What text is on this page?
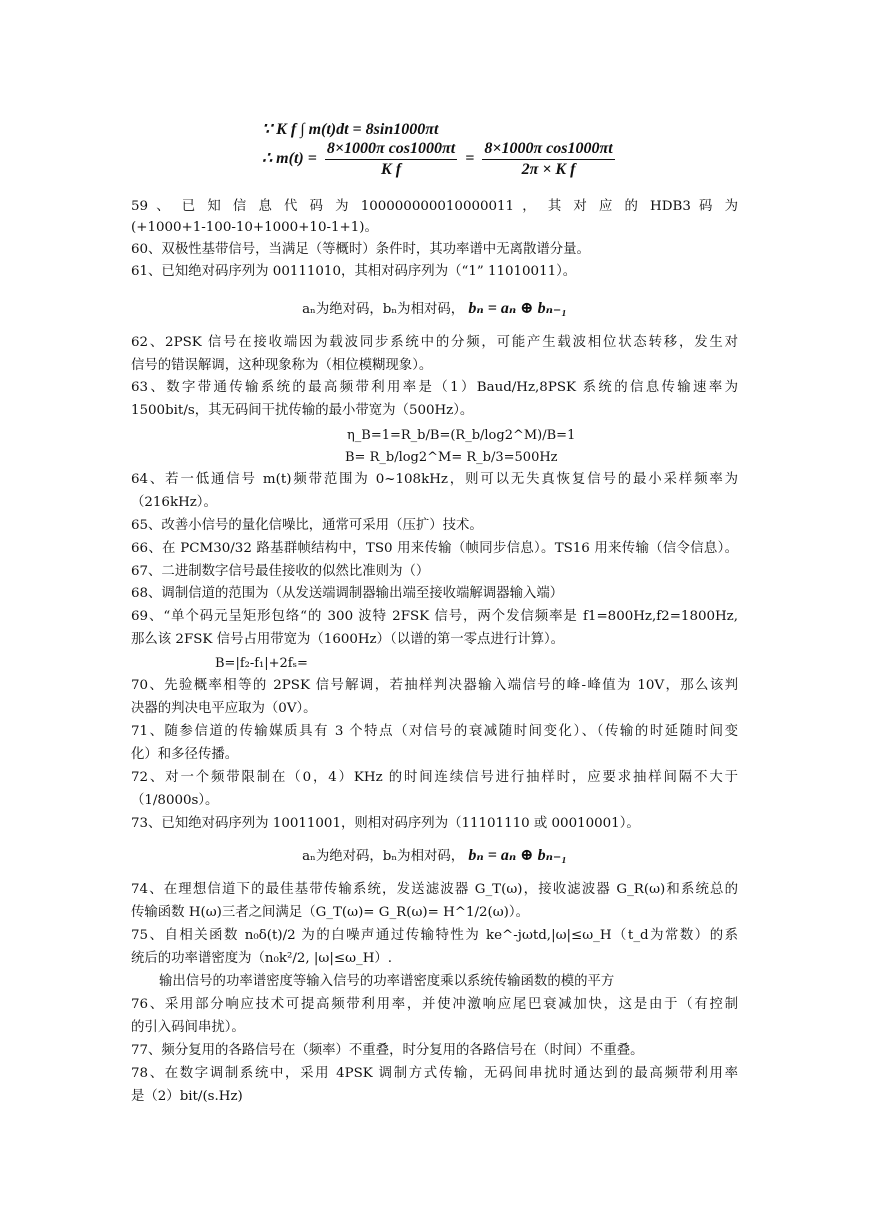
∵ K f ∫ m(t)dt = 8sin1000πt
∴ $m(t) = \frac{\text{8×1000π cos1000πt}}{\text{K f}} = \frac{\text{8×1000π cos1000πt}}{\text{2π × K f}}$
59 、 已 知 信 息 代 码 为 100000000010000011 ， 其 对 应 的 HDB3 码 为
(+1000+1-100-10+1000+10-1+1)。
60、双极性基带信号，当满足（等概时）条件时，其功率谱中无离散谱分量。
61、已知绝对码序列为 00111010，其相对码序列为（“1” 11010011）。
aₙ为绝对码，bₙ为相对码， bₙ = aₙ ⊕ bₙ₋₁
62、2PSK 信号在接收端因为载波同步系统中的分频，可能产生载波相位状态转移，发生对
信号的错误解调，这种现象称为（相位模糊现象）。
63、数字带通传输系统的最高频带利用率是（1）Baud/Hz,8PSK 系统的信息传输速率为
1500bit/s，其无码间干扰传输的最小带宽为（500Hz）。
η_B=1=R_b/B=(R_b/log2^M)/B=1
B= R_b/log2^M= R_b/3=500Hz
64、若一低通信号 m(t)频带范围为 0~108kHz，则可以无失真恢复信号的最小采样频率为
（216kHz）。
65、改善小信号的量化信噪比，通常可采用（压扩）技术。
66、在 PCM30/32 路基群帧结构中，TS0 用来传输（帧同步信息）。TS16 用来传输（信令信息）。
67、二进制数字信号最佳接收的似然比准则为（）
68、调制信道的范围为（从发送端调制器输出端至接收端解调器输入端）
69、“单个码元呈矩形包络“的 300 波特 2FSK 信号，两个发信频率是 f1=800Hz,f2=1800Hz,
那么该 2FSK 信号占用带宽为（1600Hz）（以谱的第一零点进行计算）。
B=|f₂-f₁|+2fₛ=
70、先验概率相等的 2PSK 信号解调，若抽样判决器输入端信号的峰-峰值为 10V，那么该判
决器的判决电平应取为（0V）。
71、随参信道的传输媒质具有 3 个特点（对信号的衰减随时间变化）、（传输的时延随时间变
化）和多径传播。
72、对一个频带限制在（0，4）KHz 的时间连续信号进行抽样时，应要求抽样间隔不大于
（1/8000s）。
73、已知绝对码序列为 10011001，则相对码序列为（11101110 或 00010001）。
aₙ为绝对码，bₙ为相对码， bₙ = aₙ ⊕ bₙ₋₁
74、在理想信道下的最佳基带传输系统，发送滤波器 G_T(ω)，接收滤波器 G_R(ω)和系统总的
传输函数 H(ω)三者之间满足（G_T(ω)= G_R(ω)= H^1/2(ω)）。
75、自相关函数 n₀δ(t)/2 为的白噪声通过传输特性为 ke^-jωtd,|ω|≤ω_H（t_d为常数）的系
统后的功率谱密度为（n₀k²/2, |ω|≤ω_H）.
输出信号的功率谱密度等输入信号的功率谱密度乘以系统传输函数的模的平方
76、采用部分响应技术可提高频带利用率，并使冲激响应尾巴衰减加快，这是由于（有控制
的引入码间串扰）。
77、频分复用的各路信号在（频率）不重叠，时分复用的各路信号在（时间）不重叠。
78、在数字调制系统中，采用 4PSK 调制方式传输，无码间串扰时通达到的最高频带利用率
是（2）bit/(s.Hz)
